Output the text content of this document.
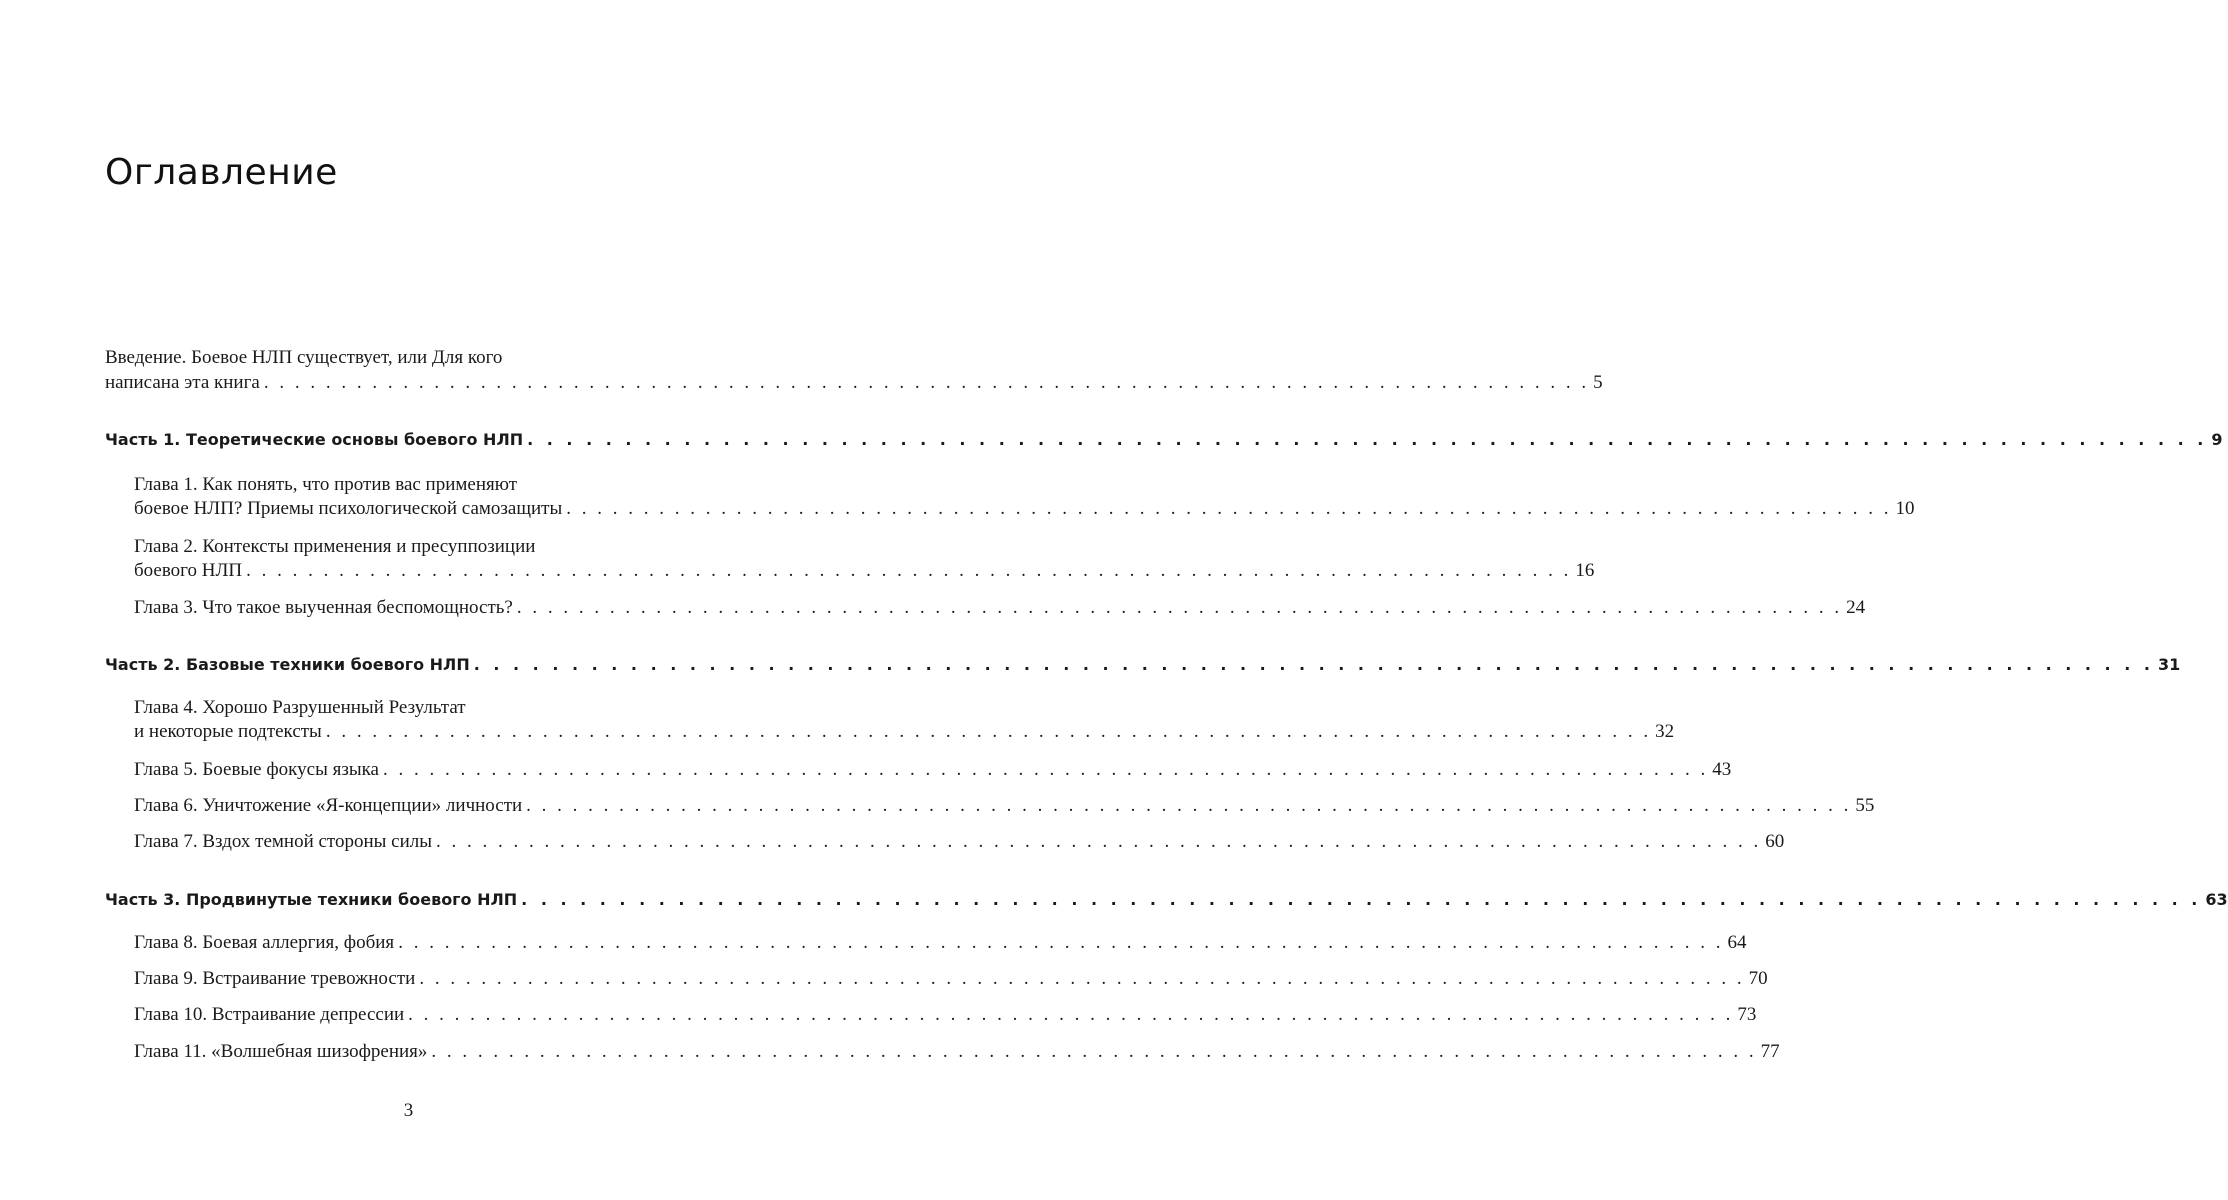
Оглавление
Введение. Боевое НЛП существует, или Для кого
написана эта книга . . . . . . . . . . . . . . . . . . . . . . . . . . . . . . . . . . . . . . . . . . . . . . . . . . . . . . . . . . . . . . . . . . . . . . . . . . . . . . . . . . . . . . 5
Часть 1. Теоретические основы боевого НЛП . . . . . . . . . . . . . . . . . . . . . . . . . . . . . . . . . . . . . . . . . . . . . . . . . . . . . . . . . . . . . . . . . . . . . . . . . . . . . . . . . . . . . . 9
Глава 1. Как понять, что против вас применяют
боевое НЛП? Приемы психологической самозащиты . . . . . . . . . . . . . . . . . . . . . . . . . . . . . . . . . . . . . . . . . . . . . . . . . . . . . . . . . . . . . . . . . . . . . . . . . . . . . . . . . . . . . . 10
Глава 2. Контексты применения и пресуппозиции
боевого НЛП . . . . . . . . . . . . . . . . . . . . . . . . . . . . . . . . . . . . . . . . . . . . . . . . . . . . . . . . . . . . . . . . . . . . . . . . . . . . . . . . . . . . . . 16
Глава 3. Что такое выученная беспомощность? . . . . . . . . . . . . . . . . . . . . . . . . . . . . . . . . . . . . . . . . . . . . . . . . . . . . . . . . . . . . . . . . . . . . . . . . . . . . . . . . . . . . . . 24
Часть 2. Базовые техники боевого НЛП . . . . . . . . . . . . . . . . . . . . . . . . . . . . . . . . . . . . . . . . . . . . . . . . . . . . . . . . . . . . . . . . . . . . . . . . . . . . . . . . . . . . . . 31
Глава 4. Хорошо Разрушенный Результат
и некоторые подтексты . . . . . . . . . . . . . . . . . . . . . . . . . . . . . . . . . . . . . . . . . . . . . . . . . . . . . . . . . . . . . . . . . . . . . . . . . . . . . . . . . . . . . . 32
Глава 5. Боевые фокусы языка . . . . . . . . . . . . . . . . . . . . . . . . . . . . . . . . . . . . . . . . . . . . . . . . . . . . . . . . . . . . . . . . . . . . . . . . . . . . . . . . . . . . . . 43
Глава 6. Уничтожение «Я-концепции» личности . . . . . . . . . . . . . . . . . . . . . . . . . . . . . . . . . . . . . . . . . . . . . . . . . . . . . . . . . . . . . . . . . . . . . . . . . . . . . . . . . . . . . . 55
Глава 7. Вздох темной стороны силы . . . . . . . . . . . . . . . . . . . . . . . . . . . . . . . . . . . . . . . . . . . . . . . . . . . . . . . . . . . . . . . . . . . . . . . . . . . . . . . . . . . . . . 60
Часть 3. Продвинутые техники боевого НЛП . . . . . . . . . . . . . . . . . . . . . . . . . . . . . . . . . . . . . . . . . . . . . . . . . . . . . . . . . . . . . . . . . . . . . . . . . . . . . . . . . . . . . . 63
Глава 8. Боевая аллергия, фобия . . . . . . . . . . . . . . . . . . . . . . . . . . . . . . . . . . . . . . . . . . . . . . . . . . . . . . . . . . . . . . . . . . . . . . . . . . . . . . . . . . . . . . 64
Глава 9. Встраивание тревожности . . . . . . . . . . . . . . . . . . . . . . . . . . . . . . . . . . . . . . . . . . . . . . . . . . . . . . . . . . . . . . . . . . . . . . . . . . . . . . . . . . . . . . 70
Глава 10. Встраивание депрессии . . . . . . . . . . . . . . . . . . . . . . . . . . . . . . . . . . . . . . . . . . . . . . . . . . . . . . . . . . . . . . . . . . . . . . . . . . . . . . . . . . . . . . 73
Глава 11. «Волшебная шизофрения» . . . . . . . . . . . . . . . . . . . . . . . . . . . . . . . . . . . . . . . . . . . . . . . . . . . . . . . . . . . . . . . . . . . . . . . . . . . . . . . . . . . . . . 77
3
